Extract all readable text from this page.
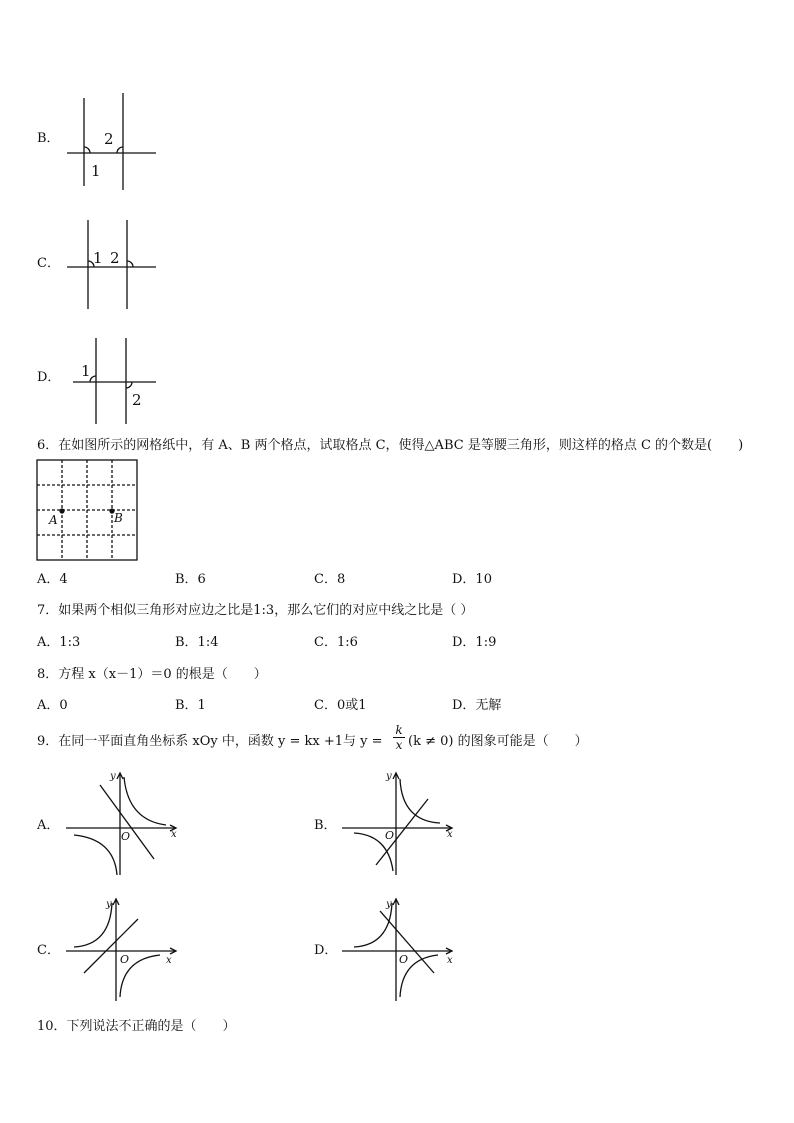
B．	2
1
C． 1 2
D． 1
2
6．在如图所示的网格纸中，有 A、B 两个格点，试取格点 C，使得△ABC 是等腰三角形，则这样的格点 C 的个数是(　　)
A	B
A．4	B．6	C．8	D．10
7．如果两个相似三角形对应边之比是1:3，那么它们的对应中线之比是（ ）
A．1:3	B．1:4	C．1:6	D．1:9
8．方程 x（x－1）＝0 的根是（　　）
A．0	B．1	C．0或1	D．无解
9．在同一平面直角坐标系 xOy 中，函数 y = kx +1与 y =
k
x (k ≠ 0) 的图象可能是（　　）
A．
x
y
O
B．
x
y
O
C．
x
y
O
D．
x
y
O
10．下列说法不正确的是（　　）
